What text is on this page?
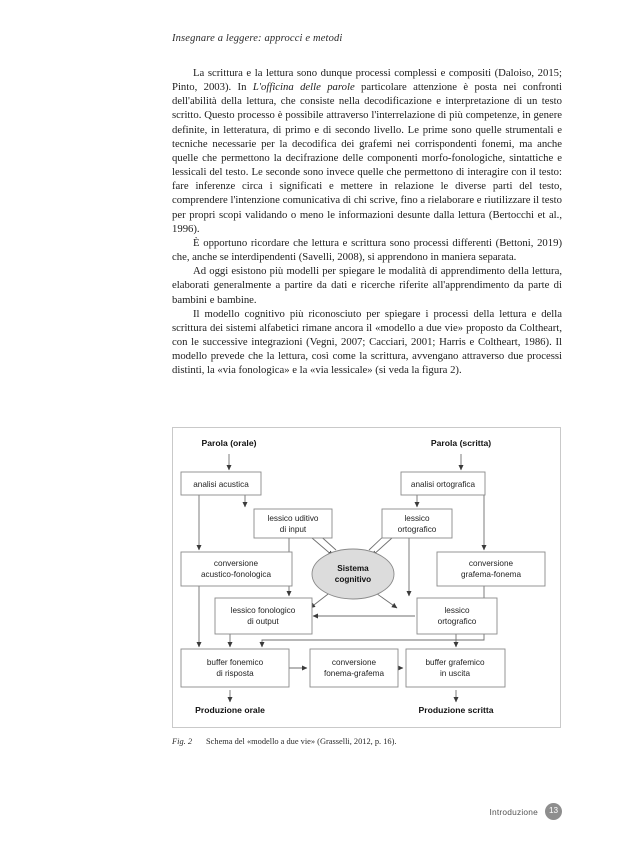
Insegnare a leggere: approcci e metodi

La scrittura e la lettura sono dunque processi complessi e compositi (Daloiso, 2015; Pinto, 2003). In L'officina delle parole particolare attenzione è posta nei confronti dell'abilità della lettura, che consiste nella decodificazione e interpretazione di un testo scritto. Questo processo è possibile attraverso l'interrelazione di più competenze, in genere definite, in letteratura, di primo e di secondo livello. Le prime sono quelle strumentali e tecniche necessarie per la decodifica dei grafemi nei corrispondenti fonemi, ma anche quelle che permettono la decifrazione delle componenti morfo-fonologiche, sintattiche e lessicali del testo. Le seconde sono invece quelle che permettono di interagire con il testo: fare inferenze circa i significati e mettere in relazione le diverse parti del testo, comprendere l'intenzione comunicativa di chi scrive, fino a rielaborare e riutilizzare il testo per propri scopi validando o meno le informazioni desunte dalla lettura (Bertocchi et al., 1996).

È opportuno ricordare che lettura e scrittura sono processi differenti (Bettoni, 2019) che, anche se interdipendenti (Savelli, 2008), si apprendono in maniera separata.

Ad oggi esistono più modelli per spiegare le modalità di apprendimento della lettura, elaborati generalmente a partire da dati e ricerche riferite all'apprendimento da parte di bambini e bambine.

Il modello cognitivo più riconosciuto per spiegare i processi della lettura e della scrittura dei sistemi alfabetici rimane ancora il «modello a due vie» proposto da Coltheart, con le successive integrazioni (Vegni, 2007; Cacciari, 2001; Harris e Coltheart, 1986). Il modello prevede che la lettura, così come la scrittura, avvengano attraverso due processi distinti, la «via fonologica» e la «via lessicale» (si veda la figura 2).

Parola (orale)	Parola (scritta)
analisi acustica	analisi ortografica
lessico uditivo
di input
lessico
ortografico
conversione
acustico-fonologica
conversione
grafema-fonema
Sistema
cognitivo
lessico fonologico
di output
lessico
ortografico
buffer fonemico
di risposta
conversione
fonema-grafema
buffer grafemico
in uscita
Produzione orale	Produzione scritta
Fig. 2 Schema del «modello a due vie» (Grasselli, 2012, p. 16).
Introduzione	13
